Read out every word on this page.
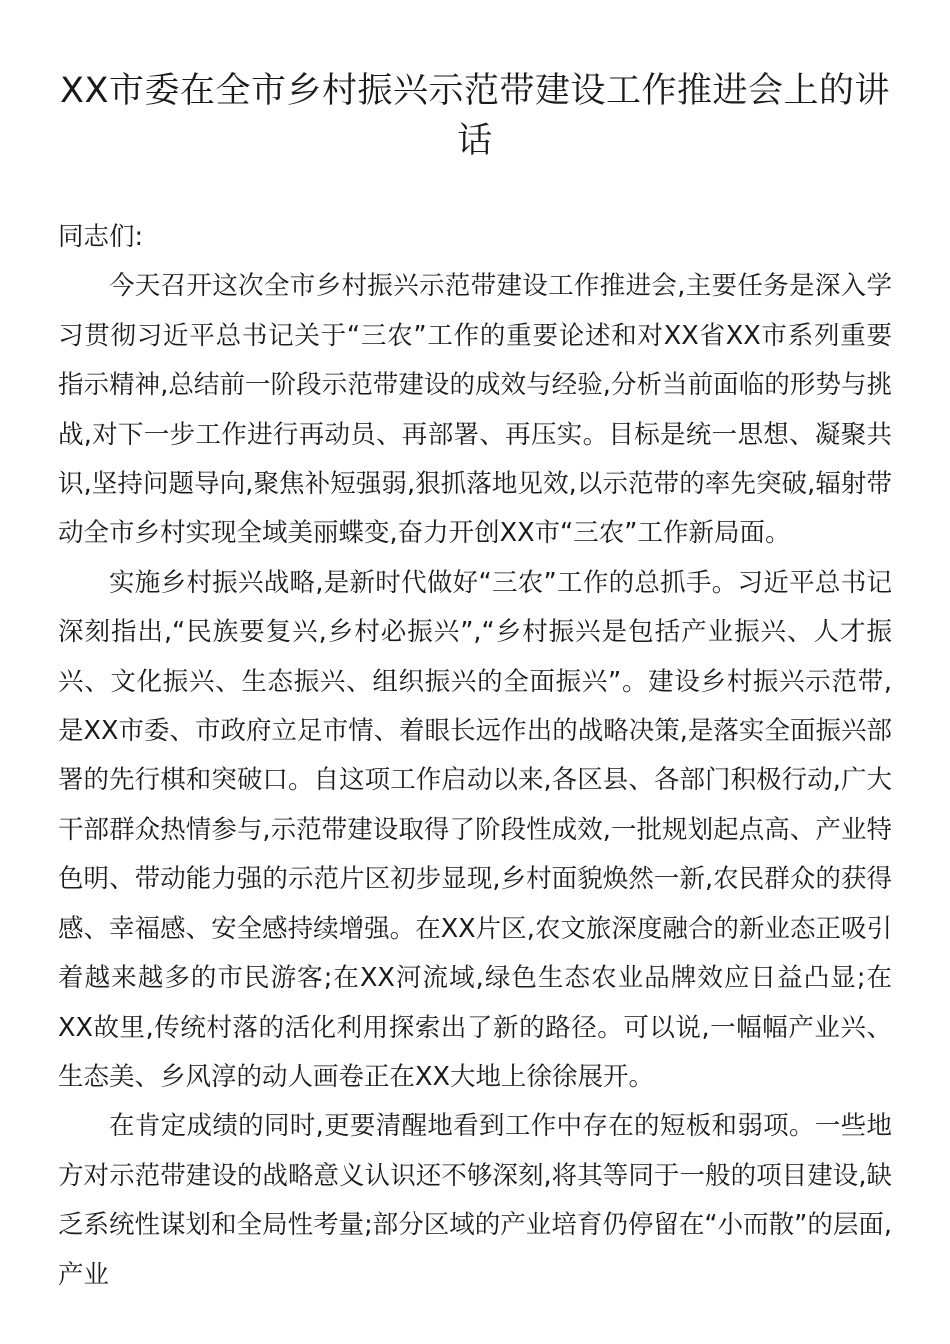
XX市委在全市乡村振兴示范带建设工作推进会上的讲话

同志们:

今天召开这次全市乡村振兴示范带建设工作推进会,主要任务是深入学习贯彻习近平总书记关于“三农”工作的重要论述和对XX省XX市系列重要指示精神,总结前一阶段示范带建设的成效与经验,分析当前面临的形势与挑战,对下一步工作进行再动员、再部署、再压实。目标是统一思想、凝聚共识,坚持问题导向,聚焦补短强弱,狠抓落地见效,以示范带的率先突破,辐射带动全市乡村实现全域美丽蝶变,奋力开创XX市“三农”工作新局面。

实施乡村振兴战略,是新时代做好“三农”工作的总抓手。习近平总书记深刻指出,“民族要复兴,乡村必振兴”,“乡村振兴是包括产业振兴、人才振兴、文化振兴、生态振兴、组织振兴的全面振兴”。建设乡村振兴示范带,是XX市委、市政府立足市情、着眼长远作出的战略决策,是落实全面振兴部署的先行棋和突破口。自这项工作启动以来,各区县、各部门积极行动,广大干部群众热情参与,示范带建设取得了阶段性成效,一批规划起点高、产业特色明、带动能力强的示范片区初步显现,乡村面貌焕然一新,农民群众的获得感、幸福感、安全感持续增强。在XX片区,农文旅深度融合的新业态正吸引着越来越多的市民游客;在XX河流域,绿色生态农业品牌效应日益凸显;在XX故里,传统村落的活化利用探索出了新的路径。可以说,一幅幅产业兴、生态美、乡风淳的动人画卷正在XX大地上徐徐展开。

在肯定成绩的同时,更要清醒地看到工作中存在的短板和弱项。一些地方对示范带建设的战略意义认识还不够深刻,将其等同于一般的项目建设,缺乏系统性谋划和全局性考量;部分区域的产业培育仍停留在“小而散”的层面,产业
